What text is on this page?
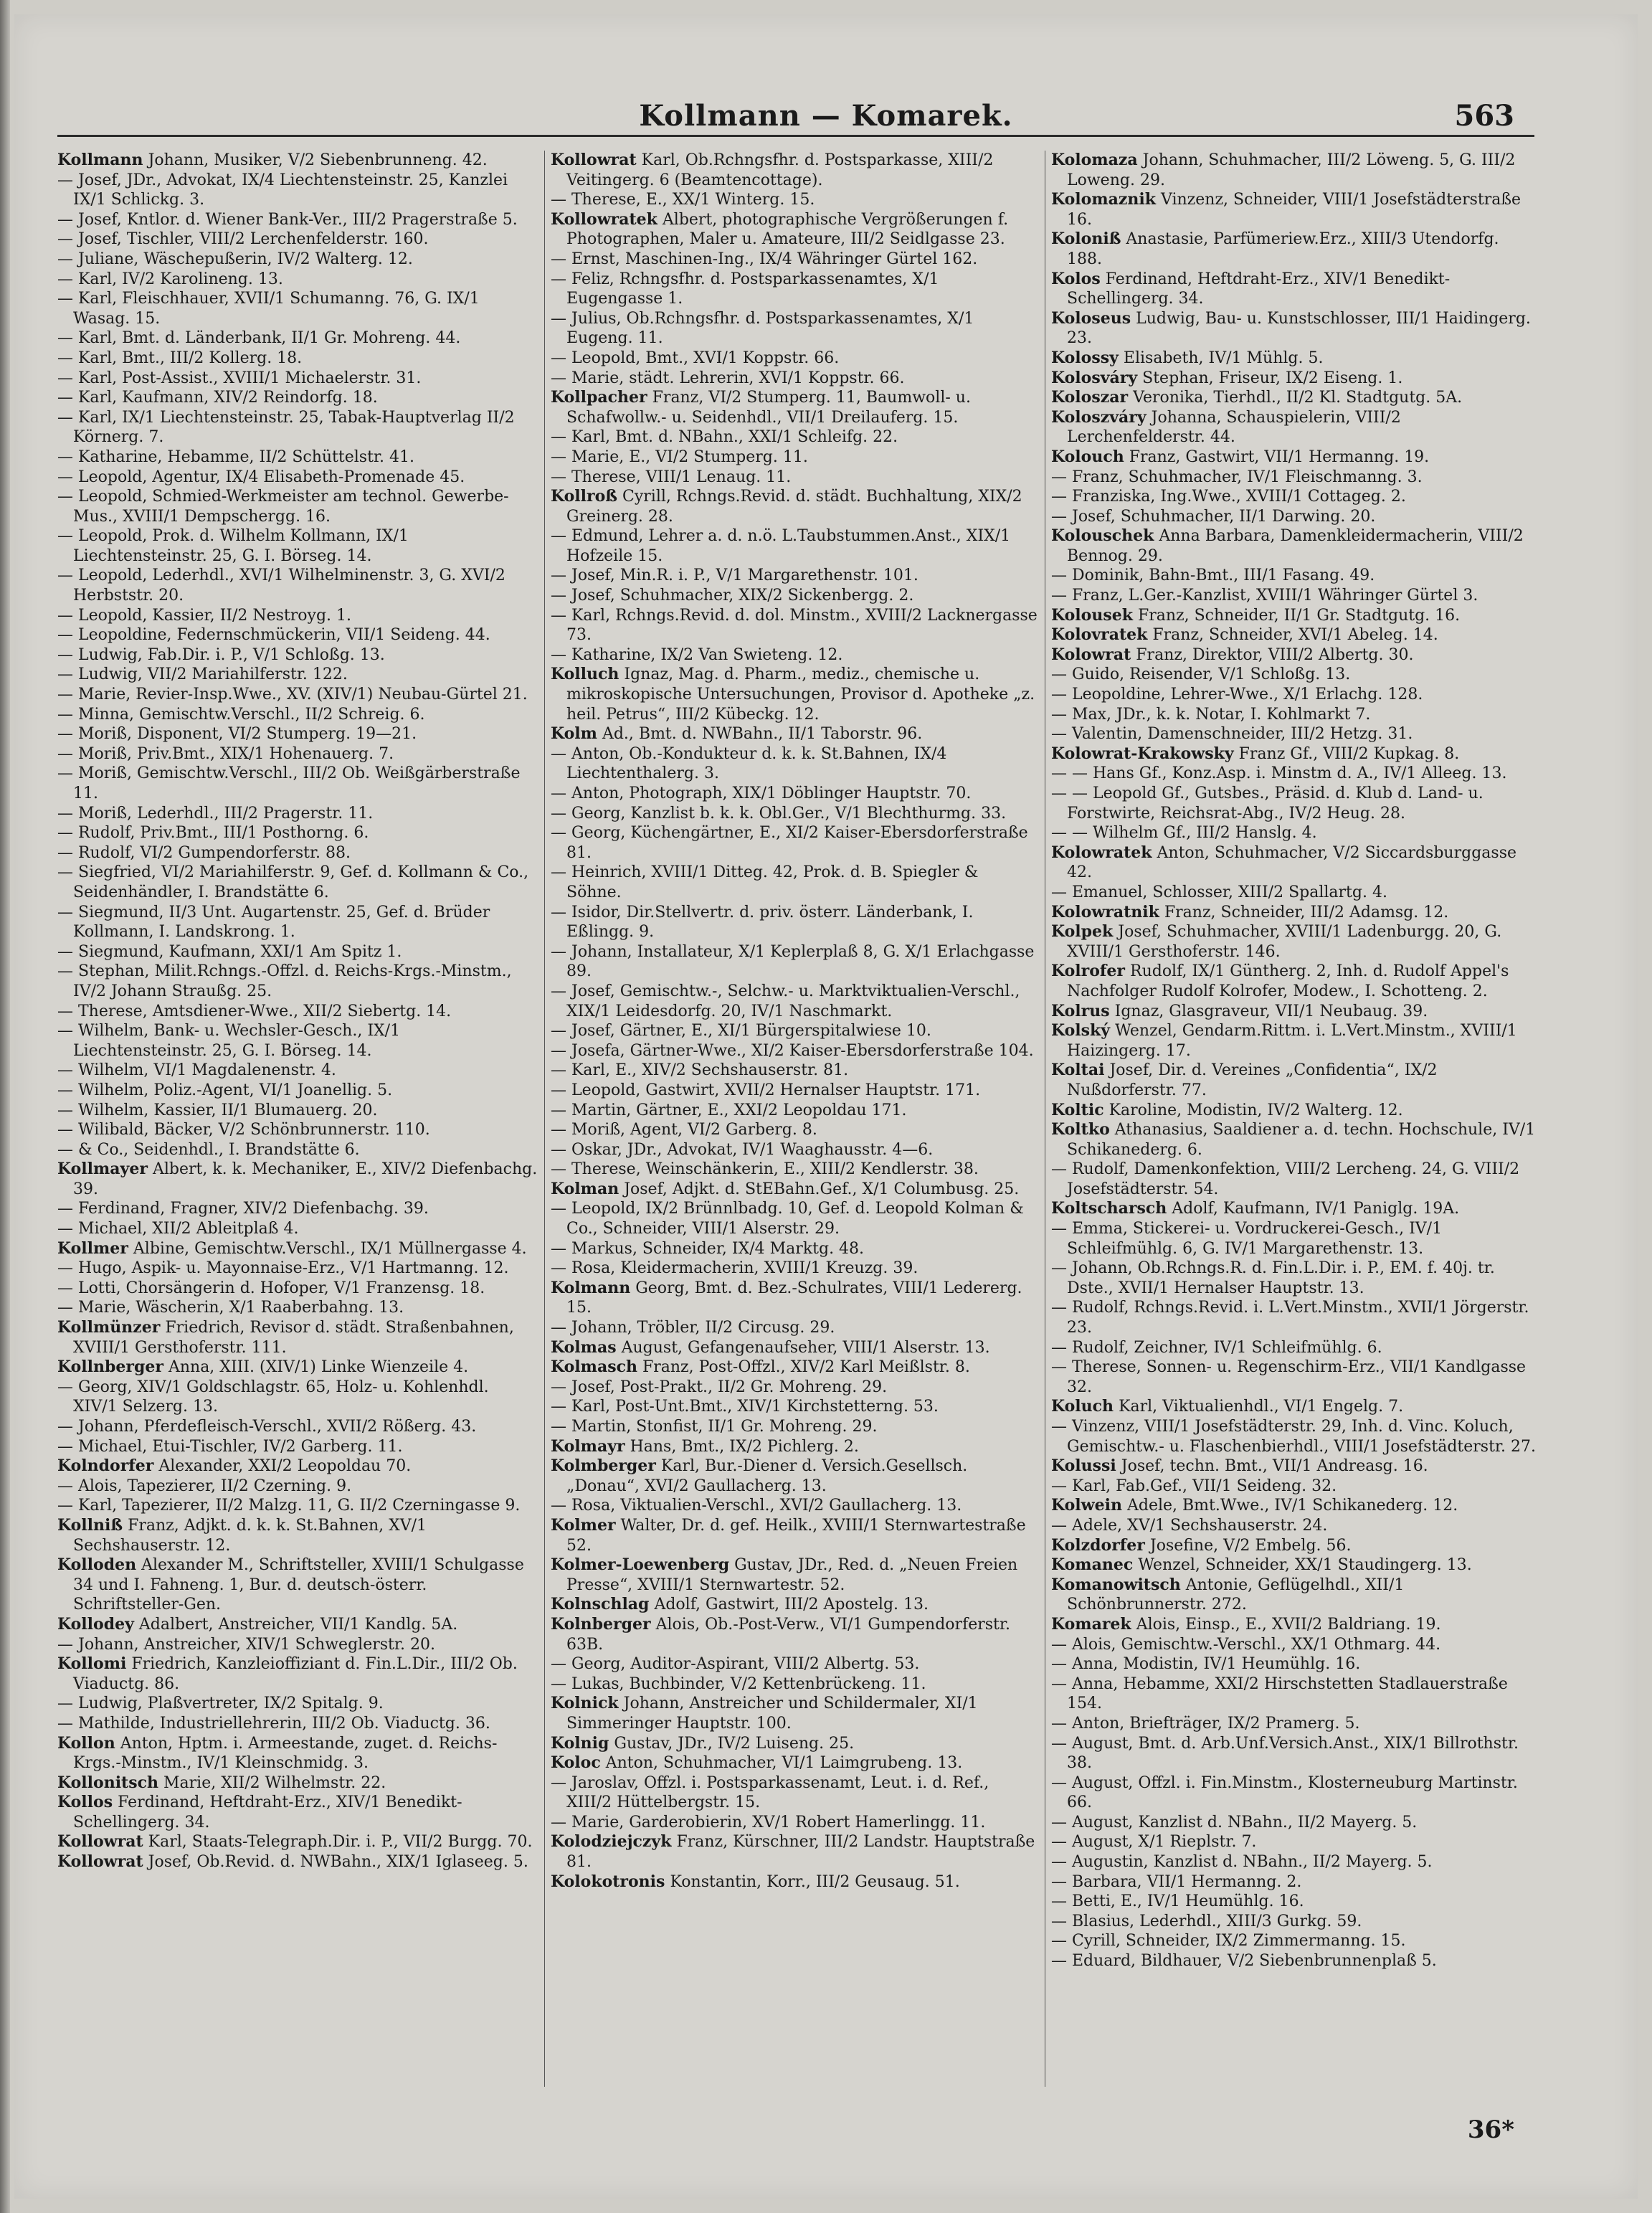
Kollmann — Komarek.	563

Kollmann Johann, Musiker, V/2 Siebenbrunneng. 42.

— Josef, JDr., Advokat, IX/4 Liechtensteinstr. 25, Kanzlei IX/1 Schlickg. 3.

— Josef, Kntlor. d. Wiener Bank-Ver., III/2 Pragerstraße 5.

— Josef, Tischler, VIII/2 Lerchenfelderstr. 160.

— Juliane, Wäschepußerin, IV/2 Walterg. 12.

— Karl, IV/2 Karolineng. 13.

— Karl, Fleischhauer, XVII/1 Schumanng. 76, G. IX/1 Wasag. 15.

— Karl, Bmt. d. Länderbank, II/1 Gr. Mohreng. 44.

— Karl, Bmt., III/2 Kollerg. 18.

— Karl, Post-Assist., XVIII/1 Michaelerstr. 31.

— Karl, Kaufmann, XIV/2 Reindorfg. 18.

— Karl, IX/1 Liechtensteinstr. 25, Tabak-Hauptverlag II/2 Körnerg. 7.

— Katharine, Hebamme, II/2 Schüttelstr. 41.

— Leopold, Agentur, IX/4 Elisabeth-Promenade 45.

— Leopold, Schmied-Werkmeister am technol. Gewerbe-Mus., XVIII/1 Dempschergg. 16.

— Leopold, Prok. d. Wilhelm Kollmann, IX/1 Liechtensteinstr. 25, G. I. Börseg. 14.

— Leopold, Lederhdl., XVI/1 Wilhelminenstr. 3, G. XVI/2 Herbststr. 20.

— Leopold, Kassier, II/2 Nestroyg. 1.

— Leopoldine, Federnschmückerin, VII/1 Seideng. 44.

— Ludwig, Fab.Dir. i. P., V/1 Schloßg. 13.

— Ludwig, VII/2 Mariahilferstr. 122.

— Marie, Revier-Insp.Wwe., XV. (XIV/1) Neubau-Gürtel 21.

— Minna, Gemischtw.Verschl., II/2 Schreig. 6.

— Moriß, Disponent, VI/2 Stumperg. 19—21.

— Moriß, Priv.Bmt., XIX/1 Hohenauerg. 7.

— Moriß, Gemischtw.Verschl., III/2 Ob. Weißgärberstraße 11.

— Moriß, Lederhdl., III/2 Pragerstr. 11.

— Rudolf, Priv.Bmt., III/1 Posthorng. 6.

— Rudolf, VI/2 Gumpendorferstr. 88.

— Siegfried, VI/2 Mariahilferstr. 9, Gef. d. Kollmann & Co., Seidenhändler, I. Brandstätte 6.

— Siegmund, II/3 Unt. Augartenstr. 25, Gef. d. Brüder Kollmann, I. Landskrong. 1.

— Siegmund, Kaufmann, XXI/1 Am Spitz 1.

— Stephan, Milit.Rchngs.-Offzl. d. Reichs-Krgs.-Minstm., IV/2 Johann Straußg. 25.

— Therese, Amtsdiener-Wwe., XII/2 Siebertg. 14.

— Wilhelm, Bank- u. Wechsler-Gesch., IX/1 Liechtensteinstr. 25, G. I. Börseg. 14.

— Wilhelm, VI/1 Magdalenenstr. 4.

— Wilhelm, Poliz.-Agent, VI/1 Joanellig. 5.

— Wilhelm, Kassier, II/1 Blumauerg. 20.

— Wilibald, Bäcker, V/2 Schönbrunnerstr. 110.

— & Co., Seidenhdl., I. Brandstätte 6.

Kollmayer Albert, k. k. Mechaniker, E., XIV/2 Diefenbachg. 39.

— Ferdinand, Fragner, XIV/2 Diefenbachg. 39.

— Michael, XII/2 Ableitplaß 4.

Kollmer Albine, Gemischtw.Verschl., IX/1 Müllnergasse 4.

— Hugo, Aspik- u. Mayonnaise-Erz., V/1 Hartmanng. 12.

— Lotti, Chorsängerin d. Hofoper, V/1 Franzensg. 18.

— Marie, Wäscherin, X/1 Raaberbahng. 13.

Kollmünzer Friedrich, Revisor d. städt. Straßenbahnen, XVIII/1 Gersthoferstr. 111.

Kollnberger Anna, XIII. (XIV/1) Linke Wienzeile 4.

— Georg, XIV/1 Goldschlagstr. 65, Holz- u. Kohlenhdl. XIV/1 Selzerg. 13.

— Johann, Pferdefleisch-Verschl., XVII/2 Rößerg. 43.

— Michael, Etui-Tischler, IV/2 Garberg. 11.

Kolndorfer Alexander, XXI/2 Leopoldau 70.

— Alois, Tapezierer, II/2 Czerning. 9.

— Karl, Tapezierer, II/2 Malzg. 11, G. II/2 Czerningasse 9.

Kollniß Franz, Adjkt. d. k. k. St.Bahnen, XV/1 Sechshauserstr. 12.

Kolloden Alexander M., Schriftsteller, XVIII/1 Schulgasse 34 und I. Fahneng. 1, Bur. d. deutsch-österr. Schriftsteller-Gen.

Kollodey Adalbert, Anstreicher, VII/1 Kandlg. 5A.

— Johann, Anstreicher, XIV/1 Schweglerstr. 20.

Kollomi Friedrich, Kanzleioffiziant d. Fin.L.Dir., III/2 Ob. Viaductg. 86.

— Ludwig, Plaßvertreter, IX/2 Spitalg. 9.

— Mathilde, Industriellehrerin, III/2 Ob. Viaductg. 36.

Kollon Anton, Hptm. i. Armeestande, zuget. d. Reichs-Krgs.-Minstm., IV/1 Kleinschmidg. 3.

Kollonitsch Marie, XII/2 Wilhelmstr. 22.

Kollos Ferdinand, Heftdraht-Erz., XIV/1 Benedikt-Schellingerg. 34.

Kollowrat Karl, Staats-Telegraph.Dir. i. P., VII/2 Burgg. 70.

Kollowrat Josef, Ob.Revid. d. NWBahn., XIX/1 Iglaseeg. 5.

Kollowrat Karl, Ob.Rchngsfhr. d. Postsparkasse, XIII/2 Veitingerg. 6 (Beamtencottage).

— Therese, E., XX/1 Winterg. 15.

Kollowratek Albert, photographische Vergrößerungen f. Photographen, Maler u. Amateure, III/2 Seidlgasse 23.

— Ernst, Maschinen-Ing., IX/4 Währinger Gürtel 162.

— Feliz, Rchngsfhr. d. Postsparkassenamtes, X/1 Eugengasse 1.

— Julius, Ob.Rchngsfhr. d. Postsparkassenamtes, X/1 Eugeng. 11.

— Leopold, Bmt., XVI/1 Koppstr. 66.

— Marie, städt. Lehrerin, XVI/1 Koppstr. 66.

Kollpacher Franz, VI/2 Stumperg. 11, Baumwoll- u. Schafwollw.- u. Seidenhdl., VII/1 Dreilauferg. 15.

— Karl, Bmt. d. NBahn., XXI/1 Schleifg. 22.

— Marie, E., VI/2 Stumperg. 11.

— Therese, VIII/1 Lenaug. 11.

Kollroß Cyrill, Rchngs.Revid. d. städt. Buchhaltung, XIX/2 Greinerg. 28.

— Edmund, Lehrer a. d. n.ö. L.Taubstummen.Anst., XIX/1 Hofzeile 15.

— Josef, Min.R. i. P., V/1 Margarethenstr. 101.

— Josef, Schuhmacher, XIX/2 Sickenbergg. 2.

— Karl, Rchngs.Revid. d. dol. Minstm., XVIII/2 Lacknergasse 73.

— Katharine, IX/2 Van Swieteng. 12.

Kolluch Ignaz, Mag. d. Pharm., mediz., chemische u. mikroskopische Untersuchungen, Provisor d. Apotheke „z. heil. Petrus“, III/2 Kübeckg. 12.

Kolm Ad., Bmt. d. NWBahn., II/1 Taborstr. 96.

— Anton, Ob.-Kondukteur d. k. k. St.Bahnen, IX/4 Liechtenthalerg. 3.

— Anton, Photograph, XIX/1 Döblinger Hauptstr. 70.

— Georg, Kanzlist b. k. k. Obl.Ger., V/1 Blechthurmg. 33.

— Georg, Küchengärtner, E., XI/2 Kaiser-Ebersdorferstraße 81.

— Heinrich, XVIII/1 Ditteg. 42, Prok. d. B. Spiegler & Söhne.

— Isidor, Dir.Stellvertr. d. priv. österr. Länderbank, I. Eßlingg. 9.

— Johann, Installateur, X/1 Keplerplaß 8, G. X/1 Erlachgasse 89.

— Josef, Gemischtw.-, Selchw.- u. Marktviktualien-Verschl., XIX/1 Leidesdorfg. 20, IV/1 Naschmarkt.

— Josef, Gärtner, E., XI/1 Bürgerspitalwiese 10.

— Josefa, Gärtner-Wwe., XI/2 Kaiser-Ebersdorferstraße 104.

— Karl, E., XIV/2 Sechshauserstr. 81.

— Leopold, Gastwirt, XVII/2 Hernalser Hauptstr. 171.

— Martin, Gärtner, E., XXI/2 Leopoldau 171.

— Moriß, Agent, VI/2 Garberg. 8.

— Oskar, JDr., Advokat, IV/1 Waaghausstr. 4—6.

— Therese, Weinschänkerin, E., XIII/2 Kendlerstr. 38.

Kolman Josef, Adjkt. d. StEBahn.Gef., X/1 Columbusg. 25.

— Leopold, IX/2 Brünnlbadg. 10, Gef. d. Leopold Kolman & Co., Schneider, VIII/1 Alserstr. 29.

— Markus, Schneider, IX/4 Marktg. 48.

— Rosa, Kleidermacherin, XVIII/1 Kreuzg. 39.

Kolmann Georg, Bmt. d. Bez.-Schulrates, VIII/1 Ledererg. 15.

— Johann, Tröbler, II/2 Circusg. 29.

Kolmas August, Gefangenaufseher, VIII/1 Alserstr. 13.

Kolmasch Franz, Post-Offzl., XIV/2 Karl Meißlstr. 8.

— Josef, Post-Prakt., II/2 Gr. Mohreng. 29.

— Karl, Post-Unt.Bmt., XIV/1 Kirchstetterng. 53.

— Martin, Stonfist, II/1 Gr. Mohreng. 29.

Kolmayr Hans, Bmt., IX/2 Pichlerg. 2.

Kolmberger Karl, Bur.-Diener d. Versich.Gesellsch. „Donau“, XVI/2 Gaullacherg. 13.

— Rosa, Viktualien-Verschl., XVI/2 Gaullacherg. 13.

Kolmer Walter, Dr. d. gef. Heilk., XVIII/1 Sternwartestraße 52.

Kolmer-Loewenberg Gustav, JDr., Red. d. „Neuen Freien Presse“, XVIII/1 Sternwartestr. 52.

Kolnschlag Adolf, Gastwirt, III/2 Apostelg. 13.

Kolnberger Alois, Ob.-Post-Verw., VI/1 Gumpendorferstr. 63B.

— Georg, Auditor-Aspirant, VIII/2 Albertg. 53.

— Lukas, Buchbinder, V/2 Kettenbrückeng. 11.

Kolnick Johann, Anstreicher und Schildermaler, XI/1 Simmeringer Hauptstr. 100.

Kolnig Gustav, JDr., IV/2 Luiseng. 25.

Koloc Anton, Schuhmacher, VI/1 Laimgrubeng. 13.

— Jaroslav, Offzl. i. Postsparkassenamt, Leut. i. d. Ref., XIII/2 Hüttelbergstr. 15.

— Marie, Garderobierin, XV/1 Robert Hamerlingg. 11.

Kolodziejczyk Franz, Kürschner, III/2 Landstr. Hauptstraße 81.

Kolokotronis Konstantin, Korr., III/2 Geusaug. 51.

Kolomaza Johann, Schuhmacher, III/2 Löweng. 5, G. III/2 Loweng. 29.

Kolomaznik Vinzenz, Schneider, VIII/1 Josefstädterstraße 16.

Koloniß Anastasie, Parfümeriew.Erz., XIII/3 Utendorfg. 188.

Kolos Ferdinand, Heftdraht-Erz., XIV/1 Benedikt-Schellingerg. 34.

Koloseus Ludwig, Bau- u. Kunstschlosser, III/1 Haidingerg. 23.

Kolossy Elisabeth, IV/1 Mühlg. 5.

Kolosváry Stephan, Friseur, IX/2 Eiseng. 1.

Koloszar Veronika, Tierhdl., II/2 Kl. Stadtgutg. 5A.

Koloszváry Johanna, Schauspielerin, VIII/2 Lerchenfelderstr. 44.

Kolouch Franz, Gastwirt, VII/1 Hermanng. 19.

— Franz, Schuhmacher, IV/1 Fleischmanng. 3.

— Franziska, Ing.Wwe., XVIII/1 Cottageg. 2.

— Josef, Schuhmacher, II/1 Darwing. 20.

Kolouschek Anna Barbara, Damenkleidermacherin, VIII/2 Bennog. 29.

— Dominik, Bahn-Bmt., III/1 Fasang. 49.

— Franz, L.Ger.-Kanzlist, XVIII/1 Währinger Gürtel 3.

Kolousek Franz, Schneider, II/1 Gr. Stadtgutg. 16.

Kolovratek Franz, Schneider, XVI/1 Abeleg. 14.

Kolowrat Franz, Direktor, VIII/2 Albertg. 30.

— Guido, Reisender, V/1 Schloßg. 13.

— Leopoldine, Lehrer-Wwe., X/1 Erlachg. 128.

— Max, JDr., k. k. Notar, I. Kohlmarkt 7.

— Valentin, Damenschneider, III/2 Hetzg. 31.

Kolowrat-Krakowsky Franz Gf., VIII/2 Kupkag. 8.

— — Hans Gf., Konz.Asp. i. Minstm d. A., IV/1 Alleeg. 13.

— — Leopold Gf., Gutsbes., Präsid. d. Klub d. Land- u. Forstwirte, Reichsrat-Abg., IV/2 Heug. 28.

— — Wilhelm Gf., III/2 Hanslg. 4.

Kolowratek Anton, Schuhmacher, V/2 Siccardsburggasse 42.

— Emanuel, Schlosser, XIII/2 Spallartg. 4.

Kolowratnik Franz, Schneider, III/2 Adamsg. 12.

Kolpek Josef, Schuhmacher, XVIII/1 Ladenburgg. 20, G. XVIII/1 Gersthoferstr. 146.

Kolrofer Rudolf, IX/1 Güntherg. 2, Inh. d. Rudolf Appel's Nachfolger Rudolf Kolrofer, Modew., I. Schotteng. 2.

Kolrus Ignaz, Glasgraveur, VII/1 Neubaug. 39.

Kolský Wenzel, Gendarm.Rittm. i. L.Vert.Minstm., XVIII/1 Haizingerg. 17.

Koltai Josef, Dir. d. Vereines „Confidentia“, IX/2 Nußdorferstr. 77.

Koltic Karoline, Modistin, IV/2 Walterg. 12.

Koltko Athanasius, Saaldiener a. d. techn. Hochschule, IV/1 Schikanederg. 6.

— Rudolf, Damenkonfektion, VIII/2 Lercheng. 24, G. VIII/2 Josefstädterstr. 54.

Koltscharsch Adolf, Kaufmann, IV/1 Paniglg. 19A.

— Emma, Stickerei- u. Vordruckerei-Gesch., IV/1 Schleifmühlg. 6, G. IV/1 Margarethenstr. 13.

— Johann, Ob.Rchngs.R. d. Fin.L.Dir. i. P., EM. f. 40j. tr. Dste., XVII/1 Hernalser Hauptstr. 13.

— Rudolf, Rchngs.Revid. i. L.Vert.Minstm., XVII/1 Jörgerstr. 23.

— Rudolf, Zeichner, IV/1 Schleifmühlg. 6.

— Therese, Sonnen- u. Regenschirm-Erz., VII/1 Kandlgasse 32.

Koluch Karl, Viktualienhdl., VI/1 Engelg. 7.

— Vinzenz, VIII/1 Josefstädterstr. 29, Inh. d. Vinc. Koluch, Gemischtw.- u. Flaschenbierhdl., VIII/1 Josefstädterstr. 27.

Kolussi Josef, techn. Bmt., VII/1 Andreasg. 16.

— Karl, Fab.Gef., VII/1 Seideng. 32.

Kolwein Adele, Bmt.Wwe., IV/1 Schikanederg. 12.

— Adele, XV/1 Sechshauserstr. 24.

Kolzdorfer Josefine, V/2 Embelg. 56.

Komanec Wenzel, Schneider, XX/1 Staudingerg. 13.

Komanowitsch Antonie, Geflügelhdl., XII/1 Schönbrunnerstr. 272.

Komarek Alois, Einsp., E., XVII/2 Baldriang. 19.

— Alois, Gemischtw.-Verschl., XX/1 Othmarg. 44.

— Anna, Modistin, IV/1 Heumühlg. 16.

— Anna, Hebamme, XXI/2 Hirschstetten Stadlauerstraße 154.

— Anton, Briefträger, IX/2 Pramerg. 5.

— August, Bmt. d. Arb.Unf.Versich.Anst., XIX/1 Billrothstr. 38.

— August, Offzl. i. Fin.Minstm., Klosterneuburg Martinstr. 66.

— August, Kanzlist d. NBahn., II/2 Mayerg. 5.

— August, X/1 Rieplstr. 7.

— Augustin, Kanzlist d. NBahn., II/2 Mayerg. 5.

— Barbara, VII/1 Hermanng. 2.

— Betti, E., IV/1 Heumühlg. 16.

— Blasius, Lederhdl., XIII/3 Gurkg. 59.

— Cyrill, Schneider, IX/2 Zimmermanng. 15.

— Eduard, Bildhauer, V/2 Siebenbrunnenplaß 5.

36*
